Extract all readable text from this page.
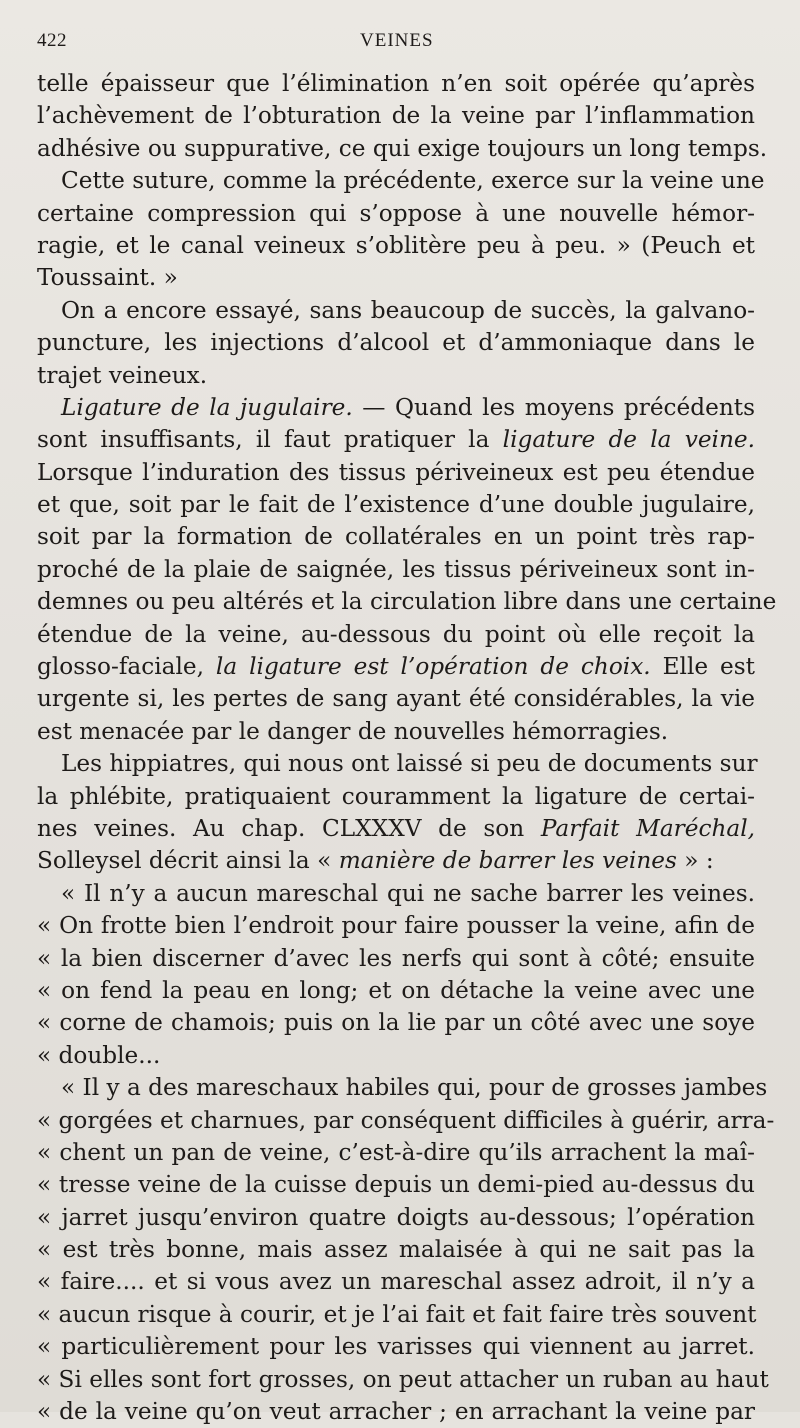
422	VEINES
telle épaisseur que l’élimination n’en soit opérée qu’après
l’achèvement de l’obturation de la veine par l’inflammation
adhésive ou suppurative, ce qui exige toujours un long temps.
Cette suture, comme la précédente, exerce sur la veine une
certaine compression qui s’oppose à une nouvelle hémor-
ragie, et le canal veineux s’oblitère peu à peu. » (Peuch et
Toussaint. »
On a encore essayé, sans beaucoup de succès, la galvano-
puncture, les injections d’alcool et d’ammoniaque dans le
trajet veineux.
Ligature de la jugulaire. — Quand les moyens précédents
sont insuffisants, il faut pratiquer la ligature de la veine.
Lorsque l’induration des tissus périveineux est peu étendue
et que, soit par le fait de l’existence d’une double jugulaire,
soit par la formation de collatérales en un point très rap-
proché de la plaie de saignée, les tissus périveineux sont in-
demnes ou peu altérés et la circulation libre dans une certaine
étendue de la veine, au-dessous du point où elle reçoit la
glosso-faciale, la ligature est l’opération de choix. Elle est
urgente si, les pertes de sang ayant été considérables, la vie
est menacée par le danger de nouvelles hémorragies.
Les hippiatres, qui nous ont laissé si peu de documents sur
la phlébite, pratiquaient couramment la ligature de certai-
nes veines. Au chap. CLXXXV de son Parfait Maréchal,
Solleysel décrit ainsi la « manière de barrer les veines » :
« Il n’y a aucun mareschal qui ne sache barrer les veines.
« On frotte bien l’endroit pour faire pousser la veine, afin de
« la bien discerner d’avec les nerfs qui sont à côté; ensuite
« on fend la peau en long; et on détache la veine avec une
« corne de chamois; puis on la lie par un côté avec une soye
« double...
« Il y a des mareschaux habiles qui, pour de grosses jambes
« gorgées et charnues, par conséquent difficiles à guérir, arra-
« chent un pan de veine, c’est-à-dire qu’ils arrachent la maî-
« tresse veine de la cuisse depuis un demi-pied au-dessus du
« jarret jusqu’environ quatre doigts au-dessous; l’opération
« est très bonne, mais assez malaisée à qui ne sait pas la
« faire.... et si vous avez un mareschal assez adroit, il n’y a
« aucun risque à courir, et je l’ai fait et fait faire très souvent
« particulièrement pour les varisses qui viennent au jarret.
« Si elles sont fort grosses, on peut attacher un ruban au haut
« de la veine qu’on veut arracher ; en arrachant la veine par
